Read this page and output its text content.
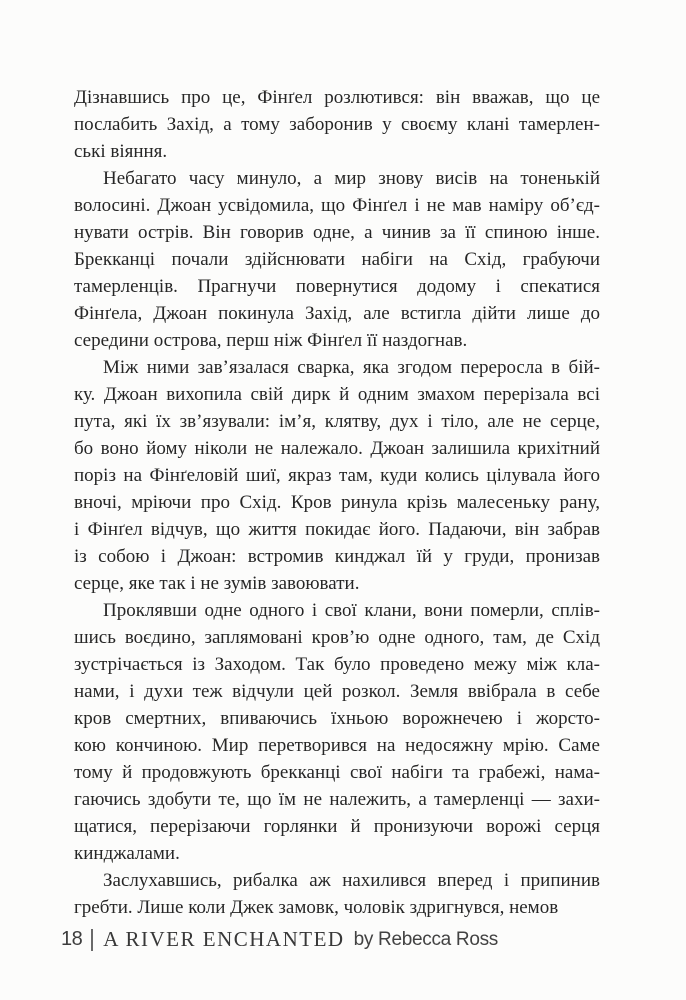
Дізнавшись про це, Фінґел розлютився: він вважав, що це
послабить Захід, а тому заборонив у своєму клані тамерлен-
ські віяння.
Небагато часу минуло, а мир знову висів на тоненькій
волосині. Джоан усвідомила, що Фінґел і не мав наміру об’єд-
нувати острів. Він говорив одне, а чинив за її спиною інше.
Брекканці почали здійснювати набіги на Схід, грабуючи
тамерленців. Прагнучи повернутися додому і спекатися
Фінґела, Джоан покинула Захід, але встигла дійти лише до
середини острова, перш ніж Фінґел її наздогнав.
Між ними зав’язалася сварка, яка згодом переросла в бій-
ку. Джоан вихопила свій дирк й одним змахом перерізала всі
пута, які їх зв’язували: ім’я, клятву, дух і тіло, але не серце,
бо воно йому ніколи не належало. Джоан залишила крихітний
поріз на Фінґеловій шиї, якраз там, куди колись цілувала його
вночі, мріючи про Схід. Кров ринула крізь малесеньку рану,
і Фінґел відчув, що життя покидає його. Падаючи, він забрав
із собою і Джоан: встромив кинджал їй у груди, пронизав
серце, яке так і не зумів завоювати.
Проклявши одне одного і свої клани, вони померли, сплів-
шись воєдино, заплямовані кров’ю одне одного, там, де Схід
зустрічається із Заходом. Так було проведено межу між кла-
нами, і духи теж відчули цей розкол. Земля ввібрала в себе
кров смертних, впиваючись їхньою ворожнечею і жорсто-
кою кончиною. Мир перетворився на недосяжну мрію. Саме
тому й продовжують брекканці свої набіги та грабежі, нама-
гаючись здобути те, що їм не належить, а тамерленці — захи-
щатися, перерізаючи горлянки й пронизуючи ворожі серця
кинджалами.
Заслухавшись, рибалка аж нахилився вперед і припинив
гребти. Лише коли Джек замовк, чоловік здригнувся, немов
18 A RIVER ENCHANTED by Rebecca Ross
